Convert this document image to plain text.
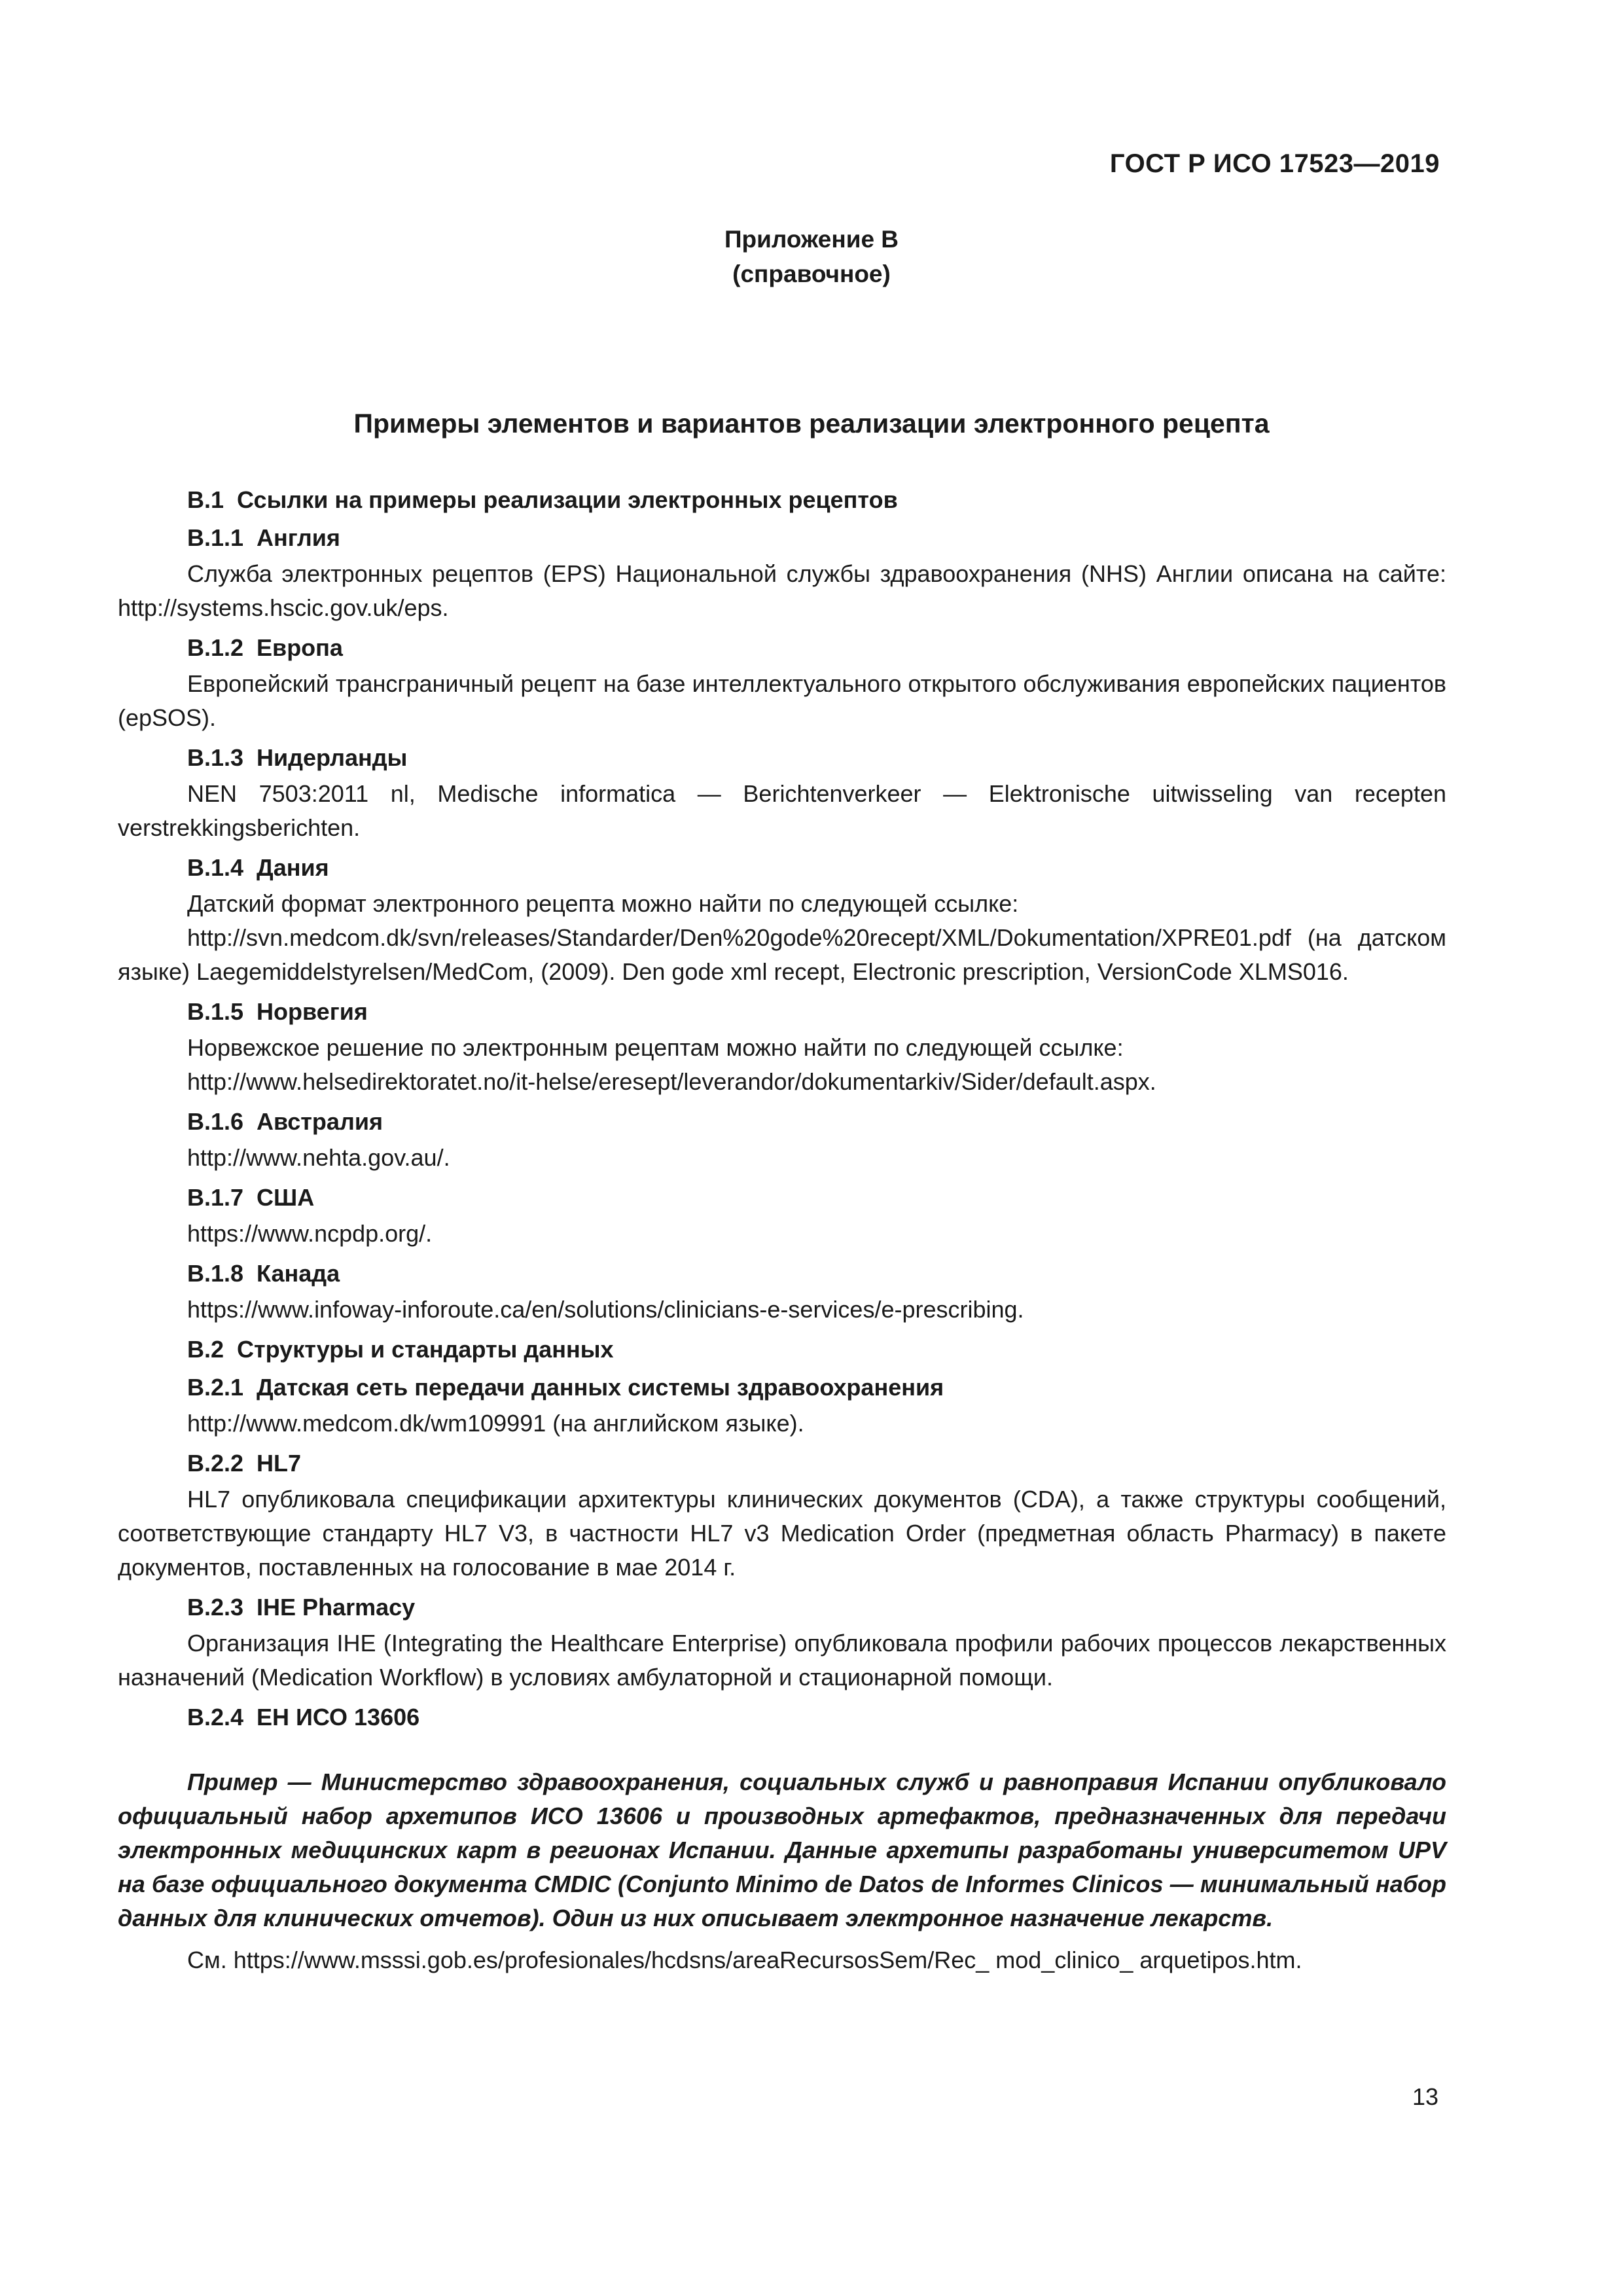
ГОСТ Р ИСО 17523—2019
Приложение В
(справочное)
Примеры элементов и вариантов реализации электронного рецепта

В.1 Ссылки на примеры реализации электронных рецептов

В.1.1 Англия

Служба электронных рецептов (EPS) Национальной службы здравоохранения (NHS) Англии описана на сайте: http://systems.hscic.gov.uk/eps.

В.1.2 Европа

Европейский трансграничный рецепт на базе интеллектуального открытого обслуживания европейских пациентов (epSOS).

В.1.3 Нидерланды

NEN 7503:2011 nl, Medische informatica — Berichtenverkeer — Elektronische uitwisseling van recepten verstrekkingsberichten.

В.1.4 Дания

Датский формат электронного рецепта можно найти по следующей ссылке:

http://svn.medcom.dk/svn/releases/Standarder/Den%20gode%20recept/XML/Dokumentation/XPRE01.pdf (на датском языке) Laegemiddelstyrelsen/MedCom, (2009). Den gode xml recept, Electronic prescription, VersionCode XLMS016.

В.1.5 Норвегия

Норвежское решение по электронным рецептам можно найти по следующей ссылке:

http://www.helsedirektoratet.no/it-helse/eresept/leverandor/dokumentarkiv/Sider/default.aspx.

В.1.6 Австралия

http://www.nehta.gov.au/.

В.1.7 США

https://www.ncpdp.org/.

В.1.8 Канада

https://www.infoway-inforoute.ca/en/solutions/clinicians-e-services/e-prescribing.

В.2 Структуры и стандарты данных

В.2.1 Датская сеть передачи данных системы здравоохранения

http://www.medcom.dk/wm109991 (на английском языке).

В.2.2 HL7

HL7 опубликовала спецификации архитектуры клинических документов (CDA), а также структуры сообщений, соответствующие стандарту HL7 V3, в частности HL7 v3 Medication Order (предметная область Pharmacy) в пакете документов, поставленных на голосование в мае 2014 г.

В.2.3 IHE Pharmacy

Организация IHE (Integrating the Healthcare Enterprise) опубликовала профили рабочих процессов лекарственных назначений (Medication Workflow) в условиях амбулаторной и стационарной помощи.

В.2.4 ЕН ИСО 13606

Пример — Министерство здравоохранения, социальных служб и равноправия Испании опубликовало официальный набор архетипов ИСО 13606 и производных артефактов, предназначенных для передачи электронных медицинских карт в регионах Испании. Данные архетипы разработаны университетом UPV на базе официального документа CMDIC (Conjunto Minimo de Datos de Informes Clinicos — минимальный набор данных для клинических отчетов). Один из них описывает электронное назначение лекарств.

См. https://www.msssi.gob.es/profesionales/hcdsns/areaRecursosSem/Rec_ mod_clinico_ arquetipos.htm.

13
